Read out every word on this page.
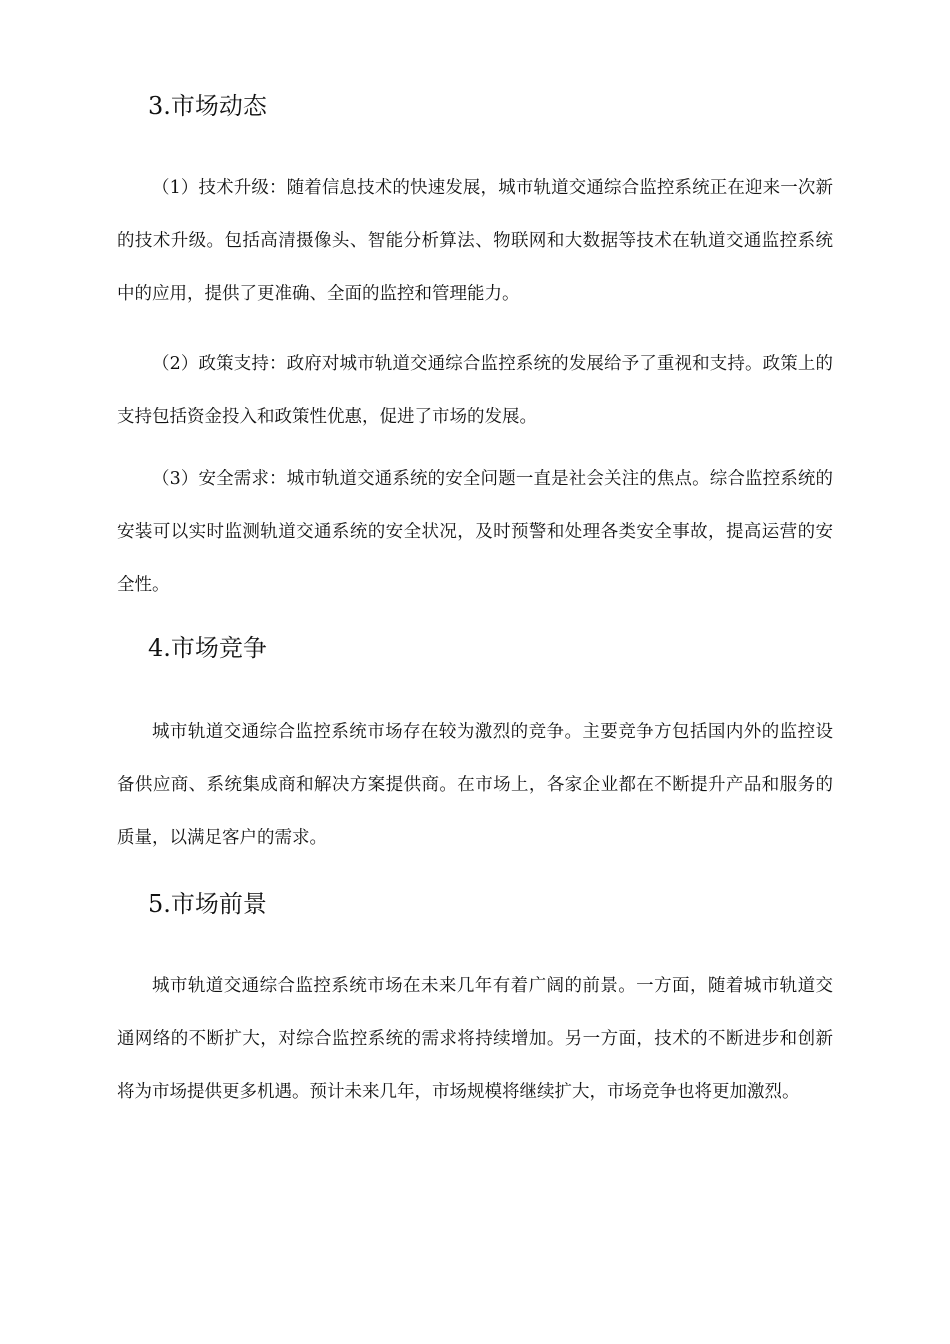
3.市场动态

（1）技术升级：随着信息技术的快速发展，城市轨道交通综合监控系统正在迎来一次新的技术升级。包括高清摄像头、智能分析算法、物联网和大数据等技术在轨道交通监控系统中的应用，提供了更准确、全面的监控和管理能力。

（2）政策支持：政府对城市轨道交通综合监控系统的发展给予了重视和支持。政策上的支持包括资金投入和政策性优惠，促进了市场的发展。

（3）安全需求：城市轨道交通系统的安全问题一直是社会关注的焦点。综合监控系统的安装可以实时监测轨道交通系统的安全状况，及时预警和处理各类安全事故，提高运营的安全性。

4.市场竞争

城市轨道交通综合监控系统市场存在较为激烈的竞争。主要竞争方包括国内外的监控设备供应商、系统集成商和解决方案提供商。在市场上，各家企业都在不断提升产品和服务的质量，以满足客户的需求。

5.市场前景

城市轨道交通综合监控系统市场在未来几年有着广阔的前景。一方面，随着城市轨道交通网络的不断扩大，对综合监控系统的需求将持续增加。另一方面，技术的不断进步和创新将为市场提供更多机遇。预计未来几年，市场规模将继续扩大，市场竞争也将更加激烈。
